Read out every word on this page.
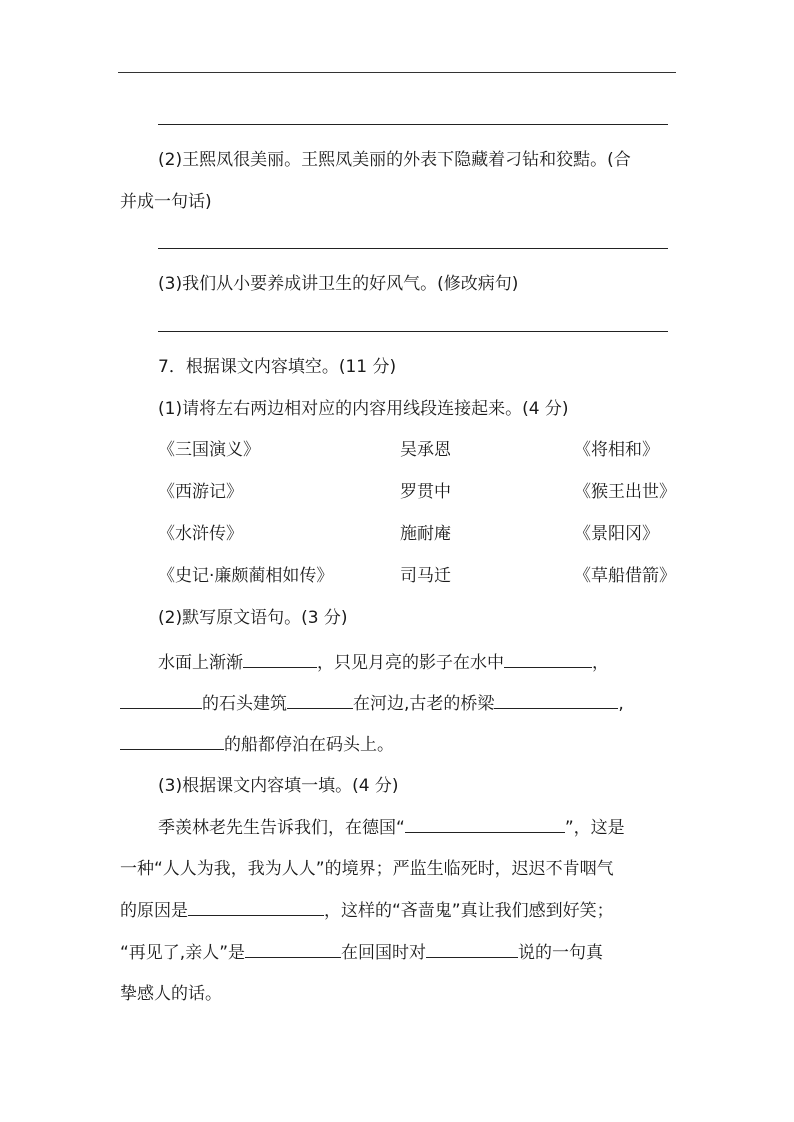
(2)王熙凤很美丽。王熙凤美丽的外表下隐藏着刁钻和狡黠。(合
并成一句话)
(3)我们从小要养成讲卫生的好风气。(修改病句)
7．根据课文内容填空。(11 分)
(1)请将左右两边相对应的内容用线段连接起来。(4 分)
《三国演义》	吴承恩	《将相和》
《西游记》	罗贯中	《猴王出世》
《水浒传》	施耐庵	《景阳冈》
《史记·廉颇蔺相如传》	司马迁	《草船借箭》
(2)默写原文语句。(3 分)
水面上渐渐	，只见月亮的影子在水中	，
的石头建筑	在河边,古老的桥梁	,
的船都停泊在码头上。
(3)根据课文内容填一填。(4 分)
季羡林老先生告诉我们，在德国“	”，这是
一种“人人为我，我为人人”的境界；严监生临死时，迟迟不肯咽气
的原因是	，这样的“吝啬鬼”真让我们感到好笑；
“再见了,亲人”是	在回国时对	说的一句真
挚感人的话。
